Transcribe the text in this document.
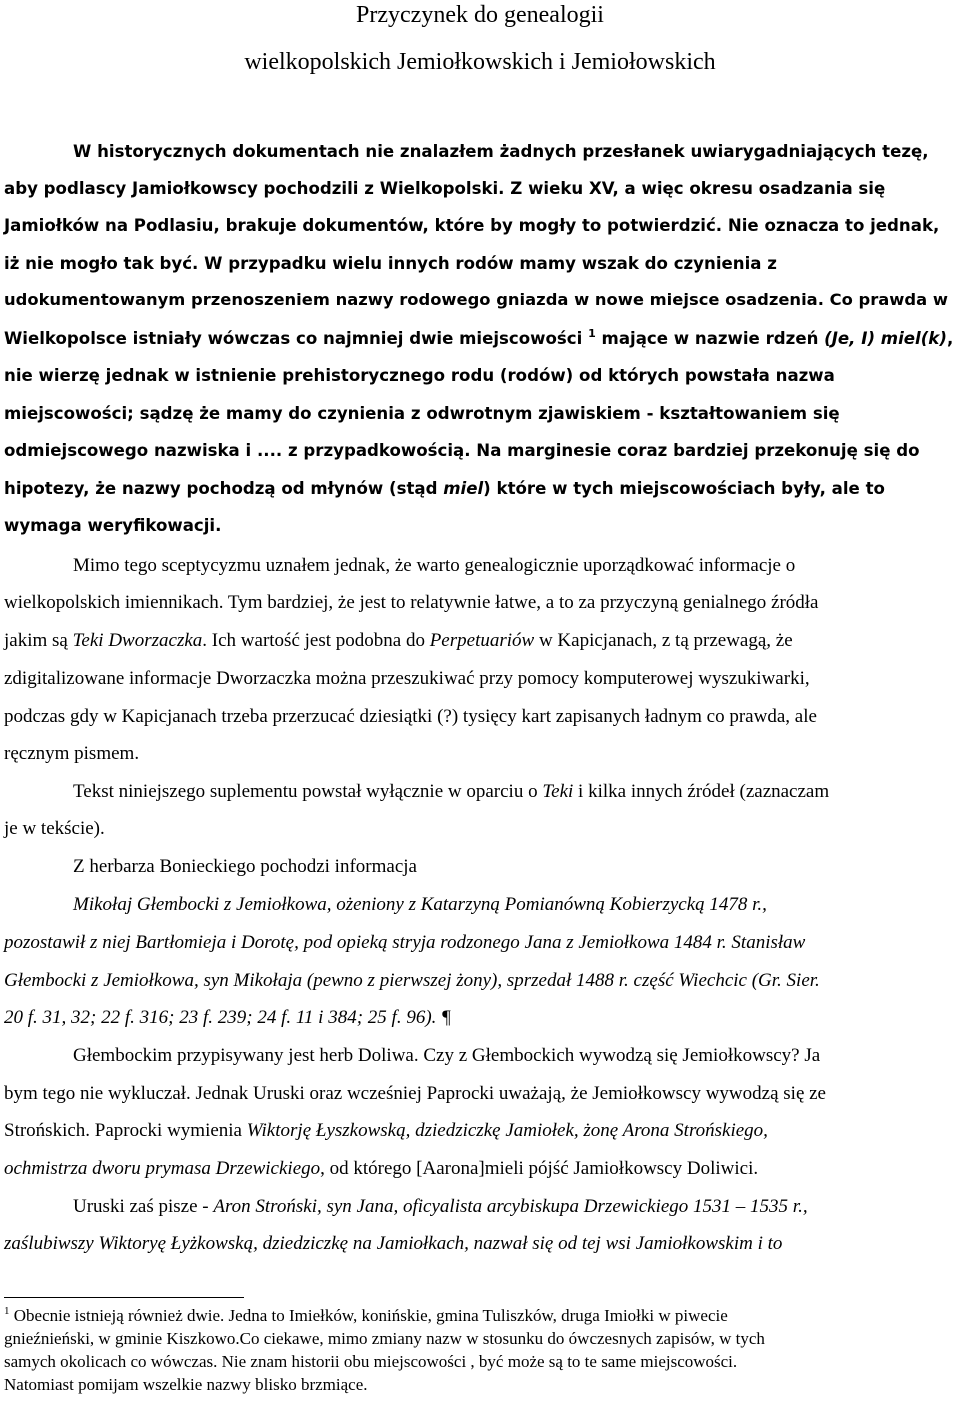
Przyczynek do genealogii
wielkopolskich Jemiołkowskich i Jemiołowskich
W historycznych dokumentach nie znalazłem żadnych przesłanek uwiarygadniających tezę,
aby podlascy Jamiołkowscy pochodzili z Wielkopolski. Z wieku XV, a więc okresu osadzania się
Jamiołków na Podlasiu, brakuje dokumentów, które by mogły to potwierdzić. Nie oznacza to jednak,
iż nie mogło tak być. W przypadku wielu innych rodów mamy wszak do czynienia z
udokumentowanym przenoszeniem nazwy rodowego gniazda w nowe miejsce osadzenia. Co prawda w
Wielkopolsce istniały wówczas co najmniej dwie miejscowości $^1$ mające w nazwie rdzeń (Je, I) miel(k),
nie wierzę jednak w istnienie prehistorycznego rodu (rodów) od których powstała nazwa
miejscowości; sądzę że mamy do czynienia z odwrotnym zjawiskiem - kształtowaniem się
odmiejscowego nazwiska i .... z przypadkowością. Na marginesie coraz bardziej przekonuję się do
hipotezy, że nazwy pochodzą od młynów (stąd miel) które w tych miejscowościach były, ale to
wymaga weryfikowacji.
Mimo tego sceptycyzmu uznałem jednak, że warto genealogicznie uporządkować informacje o
wielkopolskich imiennikach. Tym bardziej, że jest to relatywnie łatwe, a to za przyczyną genialnego źródła
jakim są Teki Dworzaczka. Ich wartość jest podobna do Perpetuariów w Kapicjanach, z tą przewagą, że
zdigitalizowane informacje Dworzaczka można przeszukiwać przy pomocy komputerowej wyszukiwarki,
podczas gdy w Kapicjanach trzeba przerzucać dziesiątki (?) tysięcy kart zapisanych ładnym co prawda, ale
ręcznym pismem.
Tekst niniejszego suplementu powstał wyłącznie w oparciu o Teki i kilka innych źródeł (zaznaczam
je w tekście).
Z herbarza Bonieckiego pochodzi informacja
Mikołaj Głembocki z Jemiołkowa, ożeniony z Katarzyną Pomianówną Kobierzycką 1478 r.,
pozostawił z niej Bartłomieja i Dorotę, pod opieką stryja rodzonego Jana z Jemiołkowa 1484 r. Stanisław
Głembocki z Jemiołkowa, syn Mikołaja (pewno z pierwszej żony), sprzedał 1488 r. część Wiechcic (Gr. Sier.
20 f. 31, 32; 22 f. 316; 23 f. 239; 24 f. 11 i 384; 25 f. 96). ¶
Głembockim przypisywany jest herb Doliwa. Czy z Głembockich wywodzą się Jemiołkowscy? Ja
bym tego nie wykluczał. Jednak Uruski oraz wcześniej Paprocki uważają, że Jemiołkowscy wywodzą się ze
Strońskich. Paprocki wymienia Wiktorję Łyszkowską, dziedziczkę Jamiołek, żonę Arona Strońskiego,
ochmistrza dworu prymasa Drzewickiego, od którego [Aarona]mieli pójść Jamiołkowscy Doliwici.
Uruski zaś pisze - Aron Stroński, syn Jana, oficyalista arcybiskupa Drzewickiego 1531 – 1535 r.,
zaślubiwszy Wiktoryę Łyżkowską, dziedziczkę na Jamiołkach, nazwał się od tej wsi Jamiołkowskim i to
$^1$ Obecnie istnieją również dwie. Jedna to Imiełków, konińskie, gmina Tuliszków, druga Imiołki w piwecie
gnieźnieński, w gminie Kiszkowo.Co ciekawe, mimo zmiany nazw w stosunku do ówczesnych zapisów, w tych
samych okolicach co wówczas. Nie znam historii obu miejscowości , być może są to te same miejscowości.
Natomiast pomijam wszelkie nazwy blisko brzmiące.
